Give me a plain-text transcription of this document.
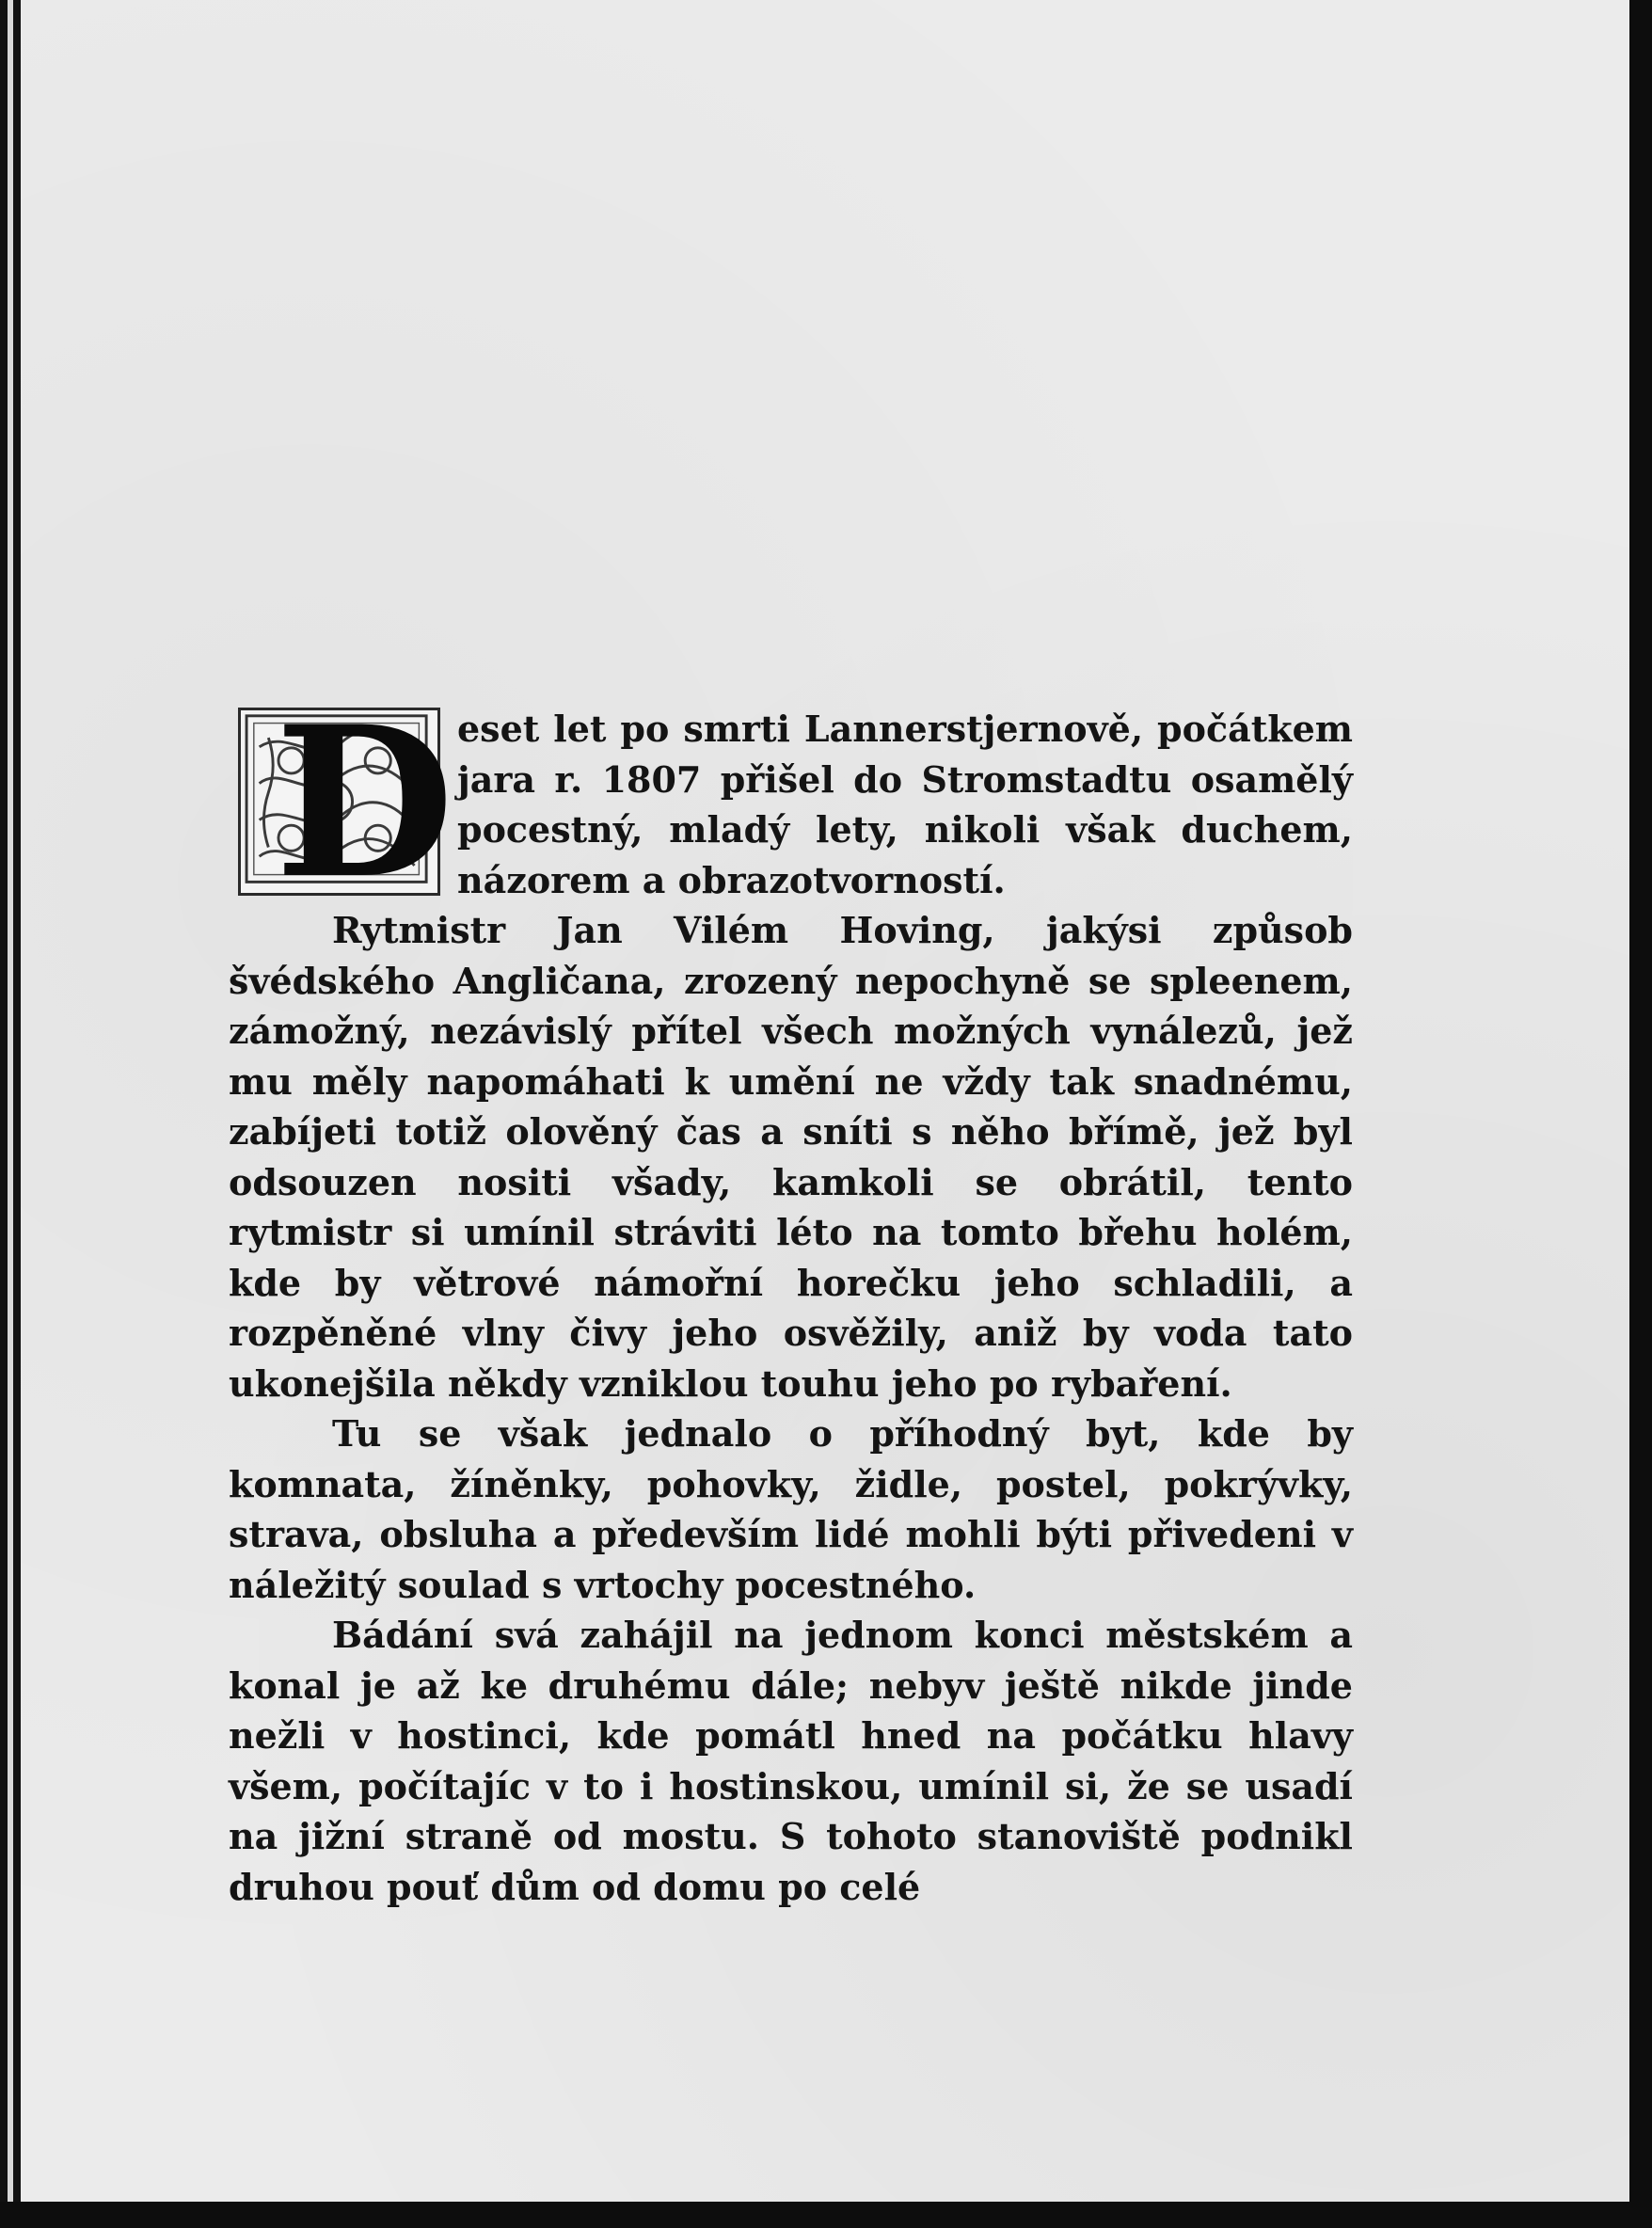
D eset let po smrti Lannerstjernově, počátkem jara r. 1807 přišel do Stromstadtu osamělý pocestný, mladý lety, nikoli však duchem, názorem a obrazotvorností.

Rytmistr Jan Vilém Hoving, jakýsi způsob švédského Angličana, zrozený nepochyně se spleenem, zámožný, nezávislý přítel všech možných vynálezů, jež mu měly napomáhati k umění ne vždy tak snadnému, zabíjeti totiž olověný čas a sníti s něho břímě, jež byl odsouzen nositi všady, kamkoli se obrátil, tento rytmistr si umínil stráviti léto na tomto břehu holém, kde by větrové námořní horečku jeho schladili, a rozpěněné vlny čivy jeho osvěžily, aniž by voda tato ukonejšila někdy vzniklou touhu jeho po rybaření.

Tu se však jednalo o příhodný byt, kde by komnata, žíněnky, pohovky, židle, postel, pokrývky, strava, obsluha a především lidé mohli býti přivedeni v náležitý soulad s vrtochy pocestného.

Bádání svá zahájil na jednom konci městském a konal je až ke druhému dále; nebyv ještě nikde jinde nežli v hostinci, kde pomátl hned na počátku hlavy všem, počítajíc v to i hostinskou, umínil si, že se usadí na jižní straně od mostu. S tohoto stanoviště podnikl druhou pouť dům od domu po celé
